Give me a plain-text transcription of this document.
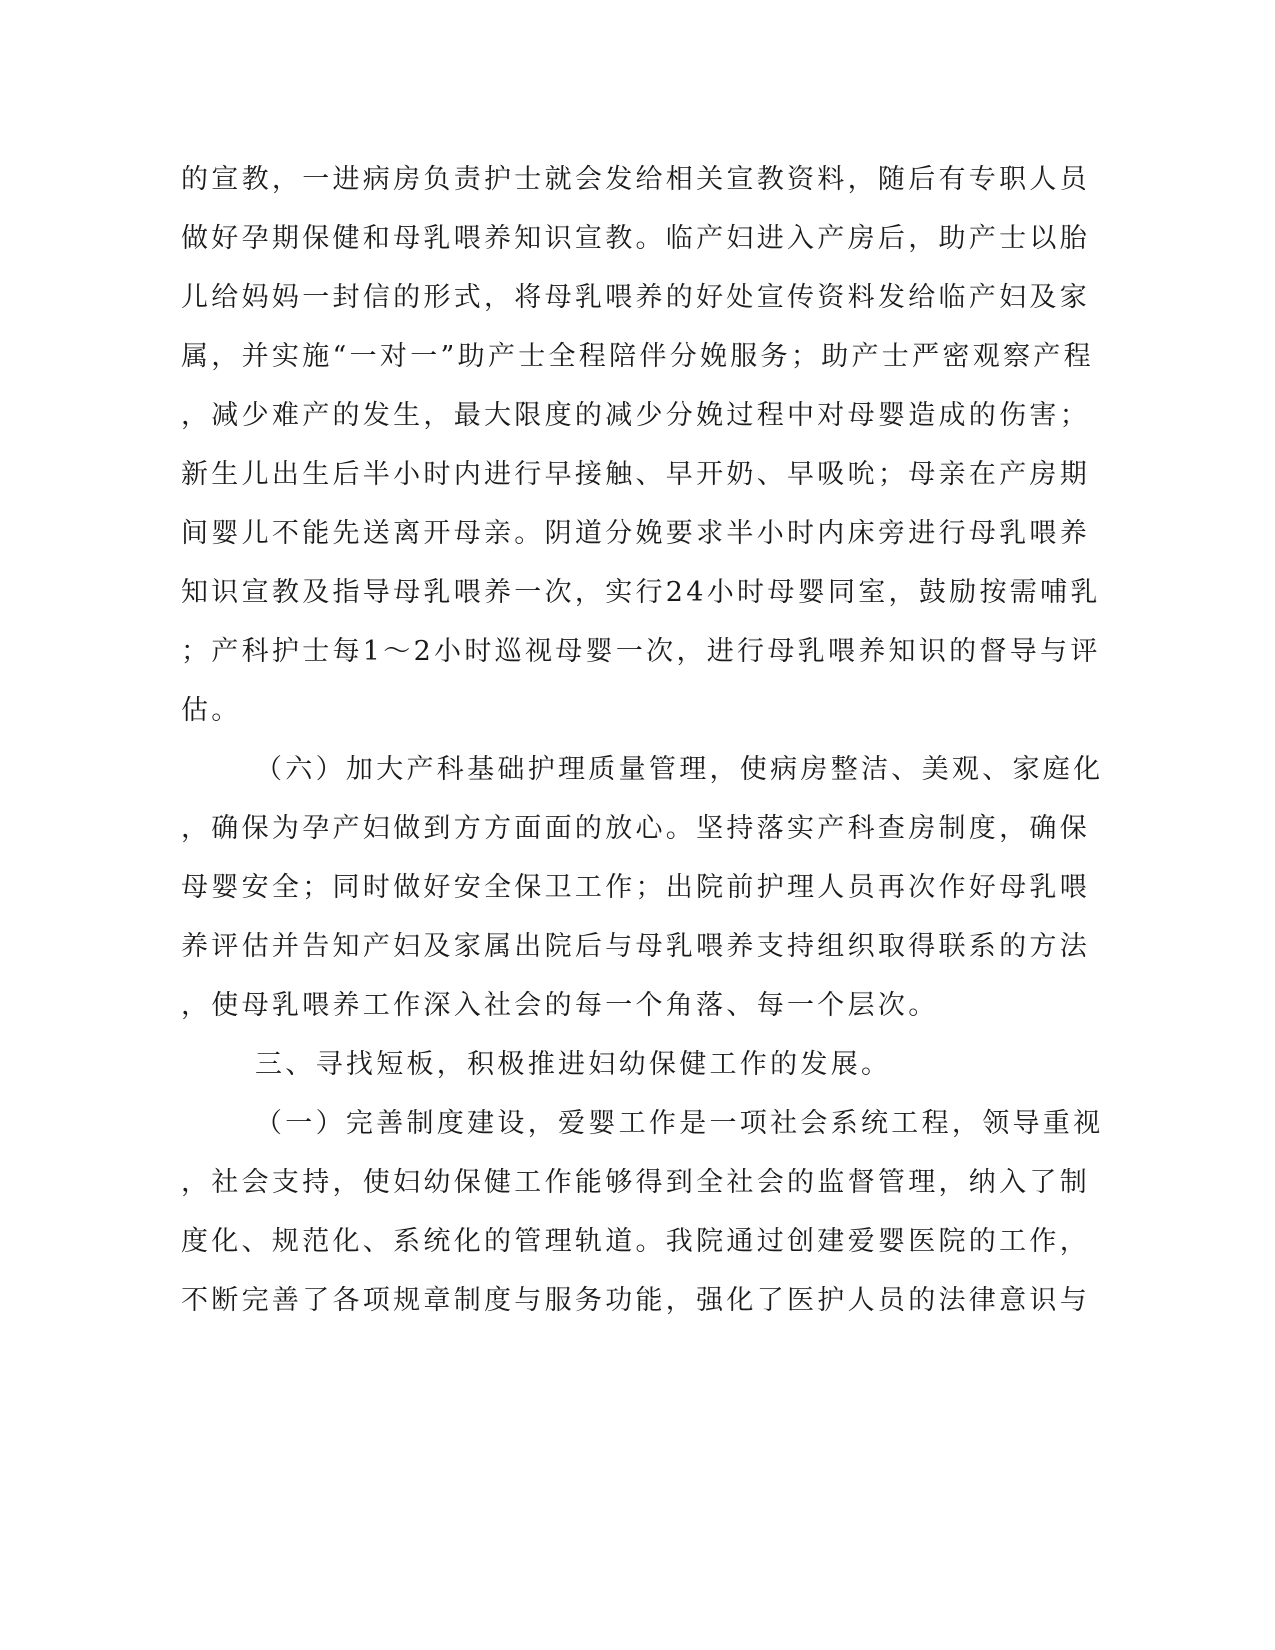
的宣教，一进病房负责护士就会发给相关宣教资料，随后有专职人员
做好孕期保健和母乳喂养知识宣教。临产妇进入产房后，助产士以胎
儿给妈妈一封信的形式，将母乳喂养的好处宣传资料发给临产妇及家
属，并实施“一对一”助产士全程陪伴分娩服务；助产士严密观察产程
，减少难产的发生，最大限度的减少分娩过程中对母婴造成的伤害；
新生儿出生后半小时内进行早接触、早开奶、早吸吮；母亲在产房期
间婴儿不能先送离开母亲。阴道分娩要求半小时内床旁进行母乳喂养
知识宣教及指导母乳喂养一次，实行24小时母婴同室，鼓励按需哺乳
；产科护士每1～2小时巡视母婴一次，进行母乳喂养知识的督导与评
估。
（六）加大产科基础护理质量管理，使病房整洁、美观、家庭化
，确保为孕产妇做到方方面面的放心。坚持落实产科查房制度，确保
母婴安全；同时做好安全保卫工作；出院前护理人员再次作好母乳喂
养评估并告知产妇及家属出院后与母乳喂养支持组织取得联系的方法
，使母乳喂养工作深入社会的每一个角落、每一个层次。
三、寻找短板，积极推进妇幼保健工作的发展。
（一）完善制度建设，爱婴工作是一项社会系统工程，领导重视
，社会支持，使妇幼保健工作能够得到全社会的监督管理，纳入了制
度化、规范化、系统化的管理轨道。我院通过创建爱婴医院的工作，
不断完善了各项规章制度与服务功能，强化了医护人员的法律意识与
